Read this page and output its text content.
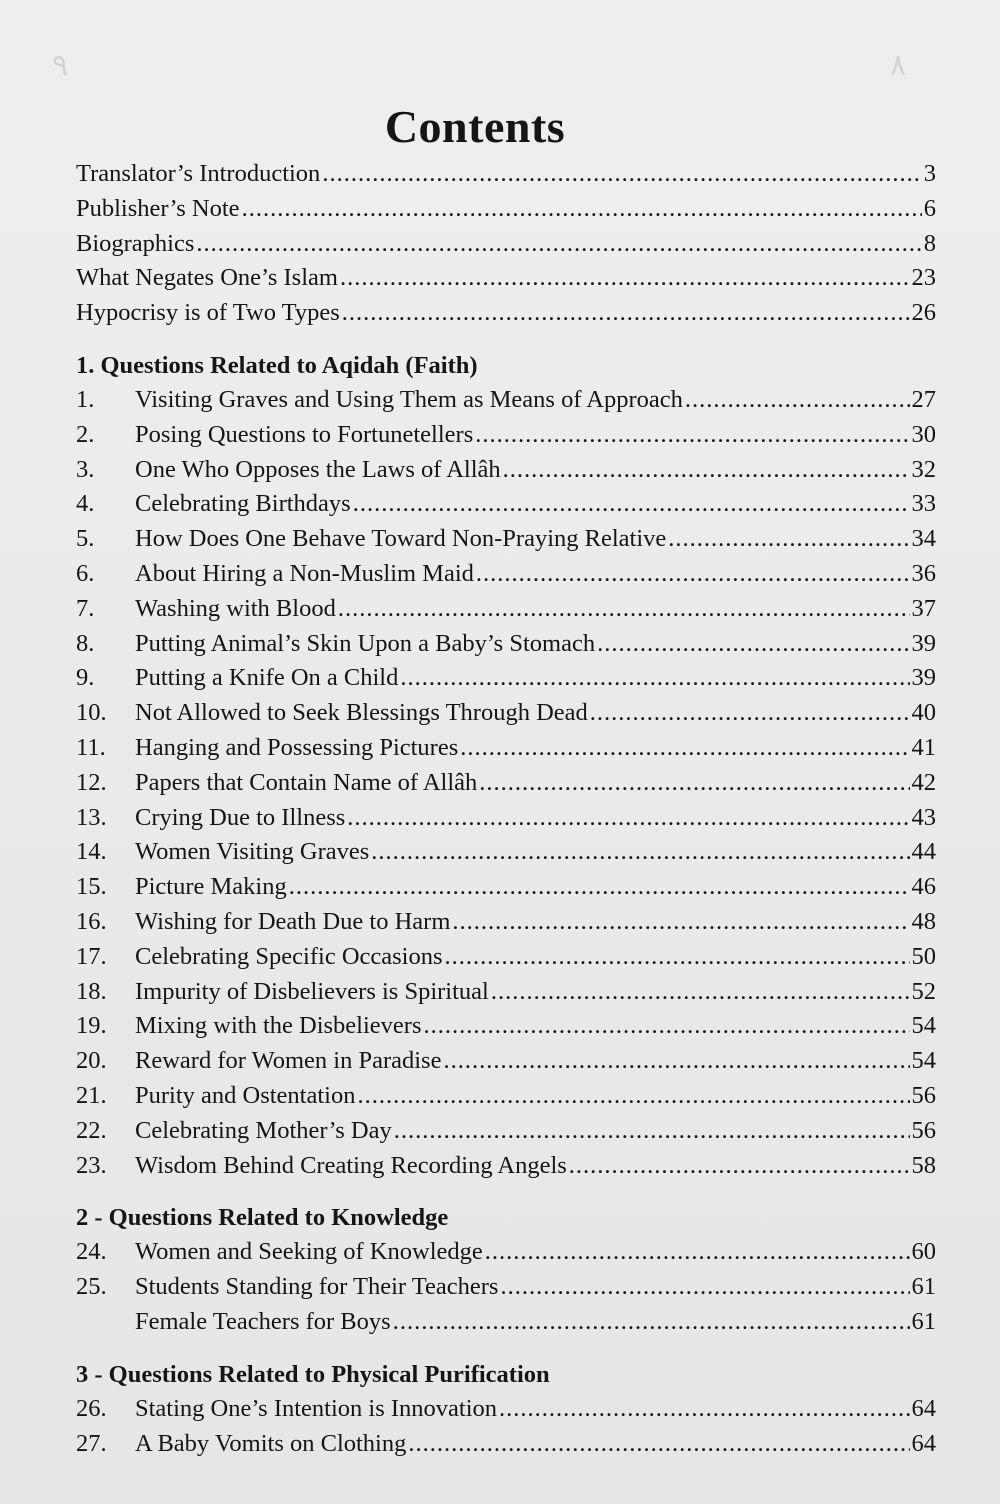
٩	٨
Contents
Translator’s Introduction .....	3
Publisher’s Note .....	6
Biographics .....	8
What Negates One’s Islam .....	23
Hypocrisy is of Two Types .....	26
1. Questions Related to Aqidah (Faith)
1.	Visiting Graves and Using Them as Means of Approach .....	27
2.	Posing Questions to Fortunetellers .....	30
3.	One Who Opposes the Laws of Allâh .....	32
4.	Celebrating Birthdays .....	33
5.	How Does One Behave Toward Non-Praying Relative .....	34
6.	About Hiring a Non-Muslim Maid .....	36
7.	Washing with Blood .....	37
8.	Putting Animal’s Skin Upon a Baby’s Stomach .....	39
9.	Putting a Knife On a Child .....	39
10.	Not Allowed to Seek Blessings Through Dead .....	40
11.	Hanging and Possessing Pictures .....	41
12.	Papers that Contain Name of Allâh .....	42
13.	Crying Due to Illness .....	43
14.	Women Visiting Graves .....	44
15.	Picture Making .....	46
16.	Wishing for Death Due to Harm .....	48
17.	Celebrating Specific Occasions .....	50
18.	Impurity of Disbelievers is Spiritual .....	52
19.	Mixing with the Disbelievers .....	54
20.	Reward for Women in Paradise .....	54
21.	Purity and Ostentation .....	56
22.	Celebrating Mother’s Day .....	56
23.	Wisdom Behind Creating Recording Angels .....	58
2 - Questions Related to Knowledge
24.	Women and Seeking of Knowledge .....	60
25.	Students Standing for Their Teachers .....	61
Female Teachers for Boys .....	61
3 - Questions Related to Physical Purification
26.	Stating One’s Intention is Innovation .....	64
27.	A Baby Vomits on Clothing .....	64
